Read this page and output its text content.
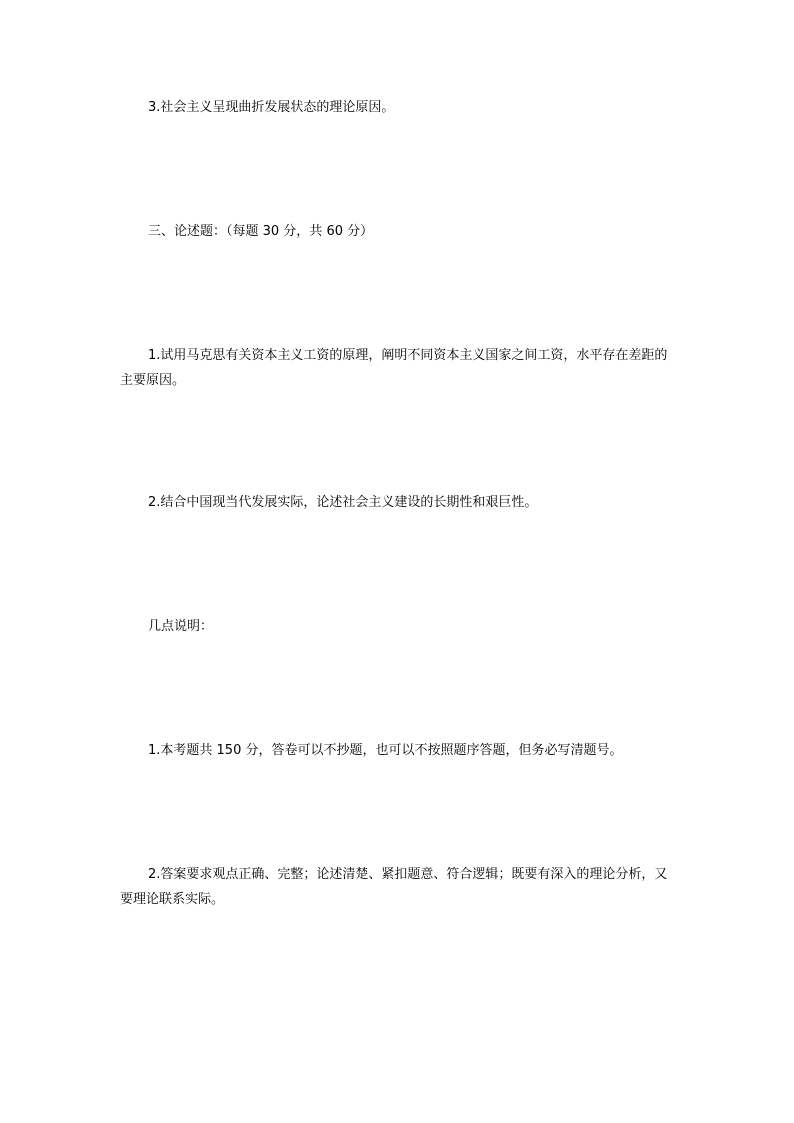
3.社会主义呈现曲折发展状态的理论原因。

三、论述题：（每题 30 分，共 60 分）

1.试用马克思有关资本主义工资的原理，阐明不同资本主义国家之间工资，水平存在差距的主要原因。

2.结合中国现当代发展实际，论述社会主义建设的长期性和艰巨性。

几点说明：

1.本考题共 150 分，答卷可以不抄题，也可以不按照题序答题，但务必写清题号。

2.答案要求观点正确、完整；论述清楚、紧扣题意、符合逻辑；既要有深入的理论分析，又要理论联系实际。
